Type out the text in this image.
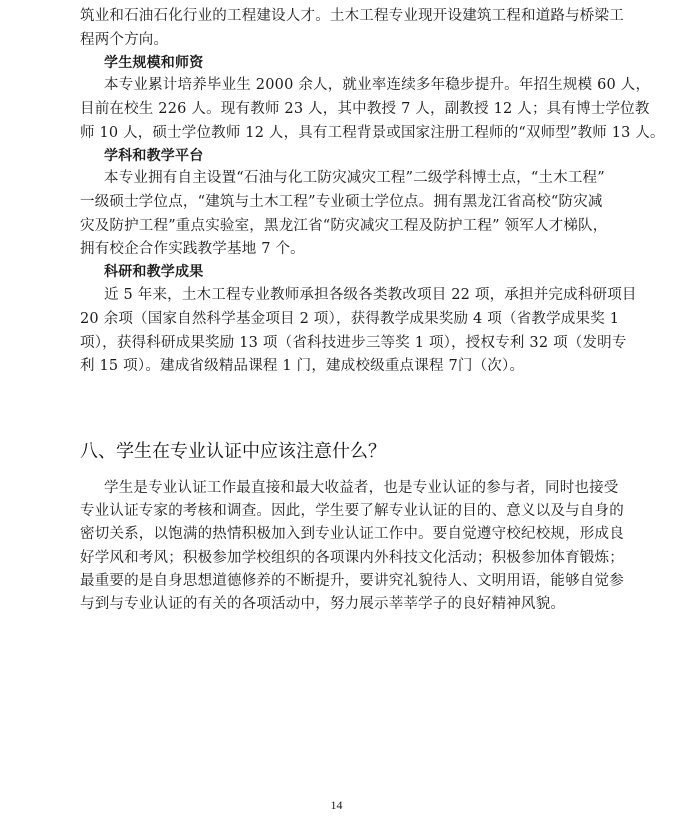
筑业和石油石化行业的工程建设人才。土木工程专业现开设建筑工程和道路与桥梁工
程两个方向。
学生规模和师资
本专业累计培养毕业生 2000 余人，就业率连续多年稳步提升。年招生规模 60 人，
目前在校生 226 人。现有教师 23 人，其中教授 7 人，副教授 12 人；具有博士学位教
师 10 人，硕士学位教师 12 人，具有工程背景或国家注册工程师的“双师型”教师 13 人。
学科和教学平台
本专业拥有自主设置“石油与化工防灾减灾工程”二级学科博士点，“土木工程”
一级硕士学位点，“建筑与土木工程”专业硕士学位点。拥有黑龙江省高校“防灾减
灾及防护工程”重点实验室，黑龙江省“防灾减灾工程及防护工程” 领军人才梯队，
拥有校企合作实践教学基地 7 个。
科研和教学成果
近 5 年来，土木工程专业教师承担各级各类教改项目 22 项，承担并完成科研项目
20 余项（国家自然科学基金项目 2 项），获得教学成果奖励 4 项（省教学成果奖 1
项），获得科研成果奖励 13 项（省科技进步三等奖 1 项），授权专利 32 项（发明专
利 15 项）。建成省级精品课程 1 门，建成校级重点课程 7门（次）。
八、学生在专业认证中应该注意什么？
学生是专业认证工作最直接和最大收益者，也是专业认证的参与者，同时也接受
专业认证专家的考核和调查。因此，学生要了解专业认证的目的、意义以及与自身的
密切关系，以饱满的热情积极加入到专业认证工作中。要自觉遵守校纪校规，形成良
好学风和考风；积极参加学校组织的各项课内外科技文化活动；积极参加体育锻炼；
最重要的是自身思想道德修养的不断提升，要讲究礼貌待人、文明用语，能够自觉参
与到与专业认证的有关的各项活动中，努力展示莘莘学子的良好精神风貌。
14
